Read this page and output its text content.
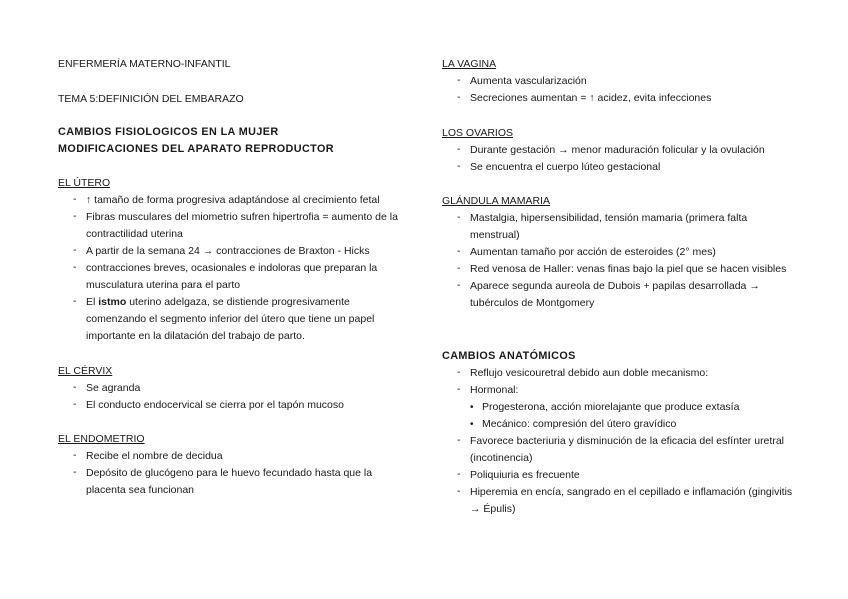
ENFERMERÍA MATERNO-INFANTIL
TEMA 5:DEFINICIÓN DEL EMBARAZO
CAMBIOS FISIOLOGICOS EN LA MUJER
MODIFICACIONES DEL APARATO REPRODUCTOR
EL ÚTERO
- ↑ tamaño de forma progresiva adaptándose al crecimiento fetal
- Fibras musculares del miometrio sufren hipertrofia = aumento de la contractilidad uterina
- A partir de la semana 24 → contracciones de Braxton - Hicks
- contracciones breves, ocasionales e indoloras que preparan la musculatura uterina para el parto
- El istmo uterino adelgaza, se distiende progresivamente comenzando el segmento inferior del útero que tiene un papel importante en la dilatación del trabajo de parto.
EL CÉRVIX
- Se agranda
- El conducto endocervical se cierra por el tapón mucoso
EL ENDOMETRIO
- Recibe el nombre de decidua
- Depósito de glucógeno para le huevo fecundado hasta que la placenta sea funcionan
LA VAGINA
- Aumenta vascularización
- Secreciones aumentan = ↑ acidez, evita infecciones
LOS OVARIOS
- Durante gestación → menor maduración folicular y la ovulación
- Se encuentra el cuerpo lúteo gestacional
GLÁNDULA MAMARIA
- Mastalgia, hipersensibilidad, tensión mamaria (primera falta menstrual)
- Aumentan tamaño por acción de esteroides (2° mes)
- Red venosa de Haller: venas finas bajo la piel que se hacen visibles
- Aparece segunda aureola de Dubois + papilas desarrollada → tubérculos de Montgomery
CAMBIOS ANATÓMICOS
- Reflujo vesicouretral debido aun doble mecanismo:
- Hormonal:
• Progesterona, acción miorelajante que produce extasía
• Mecánico: compresión del útero gravídico
- Favorece bacteriuria y disminución de la eficacia del esfínter uretral (incotinencia)
- Poliquiuria es frecuente
- Hiperemia en encía, sangrado en el cepillado e inflamación (gingivitis → Épulis)
